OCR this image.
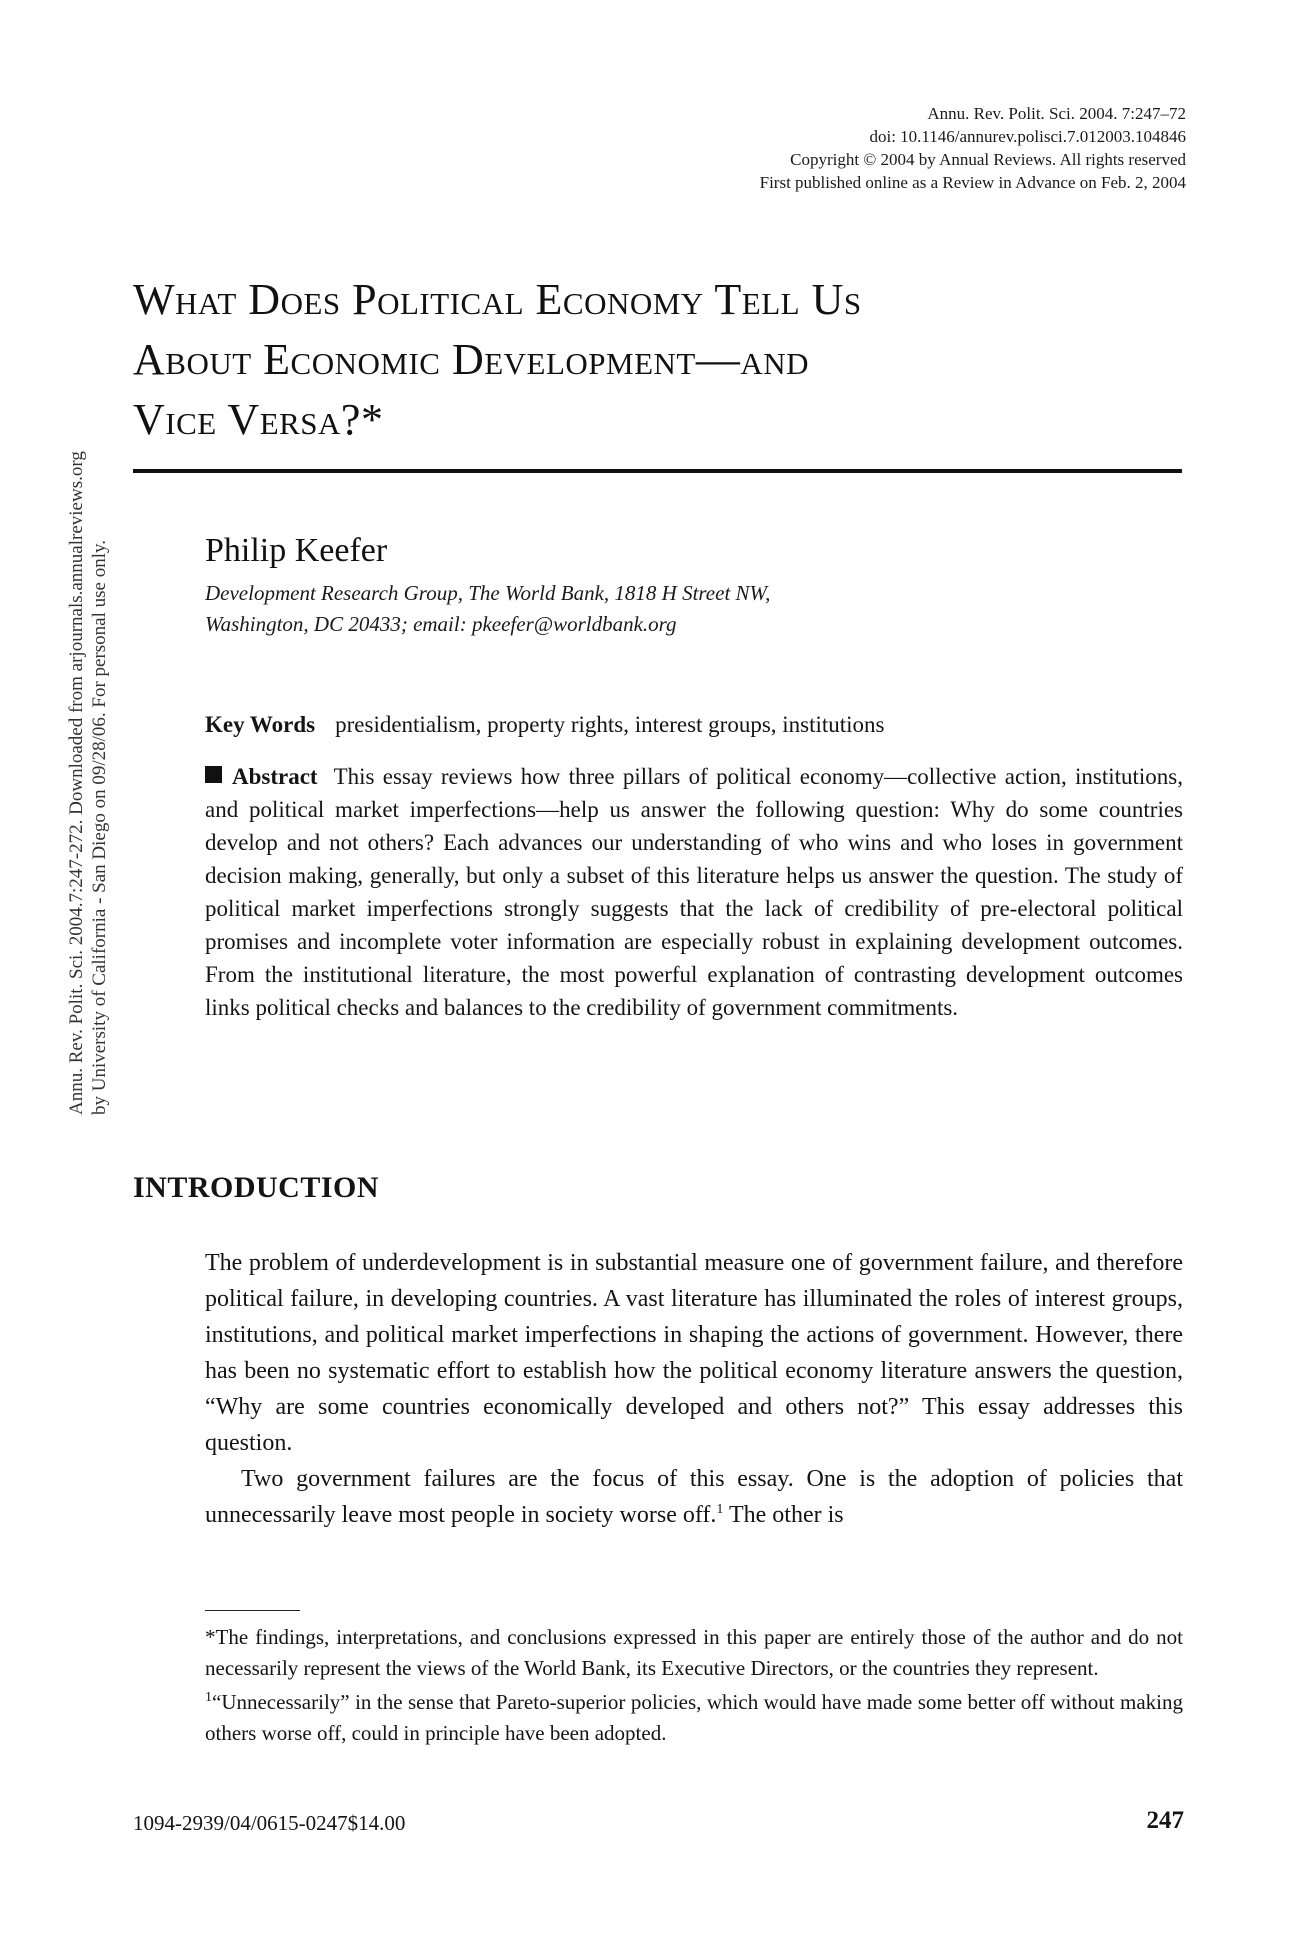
Annu. Rev. Polit. Sci. 2004. 7:247–72
doi: 10.1146/annurev.polisci.7.012003.104846
Copyright © 2004 by Annual Reviews. All rights reserved
First published online as a Review in Advance on Feb. 2, 2004
What Does Political Economy Tell Us
About Economic Development—and
Vice Versa?*
Philip Keefer
Development Research Group, The World Bank, 1818 H Street NW,
Washington, DC 20433; email: pkeefer@worldbank.org
Key Words presidentialism, property rights, interest groups, institutions

Abstract This essay reviews how three pillars of political economy—collective action, institutions, and political market imperfections—help us answer the following question: Why do some countries develop and not others? Each advances our understanding of who wins and who loses in government decision making, generally, but only a subset of this literature helps us answer the question. The study of political market imperfections strongly suggests that the lack of credibility of pre-electoral political promises and incomplete voter information are especially robust in explaining development outcomes. From the institutional literature, the most powerful explanation of contrasting development outcomes links political checks and balances to the credibility of government commitments.

INTRODUCTION

The problem of underdevelopment is in substantial measure one of government failure, and therefore political failure, in developing countries. A vast literature has illuminated the roles of interest groups, institutions, and political market imperfections in shaping the actions of government. However, there has been no systematic effort to establish how the political economy literature answers the question, “Why are some countries economically developed and others not?” This essay addresses this question.

Two government failures are the focus of this essay. One is the adoption of policies that unnecessarily leave most people in society worse off.$^1$ The other is

*The findings, interpretations, and conclusions expressed in this paper are entirely those of the author and do not necessarily represent the views of the World Bank, its Executive Directors, or the countries they represent.

$^1$“Unnecessarily” in the sense that Pareto-superior policies, which would have made some better off without making others worse off, could in principle have been adopted.

1094-2939/04/0615-0247$14.00	247
Annu. Rev. Polit. Sci. 2004.7:247-272. Downloaded from arjournals.annualreviews.org by University of California - San Diego on 09/28/06. For personal use only.
